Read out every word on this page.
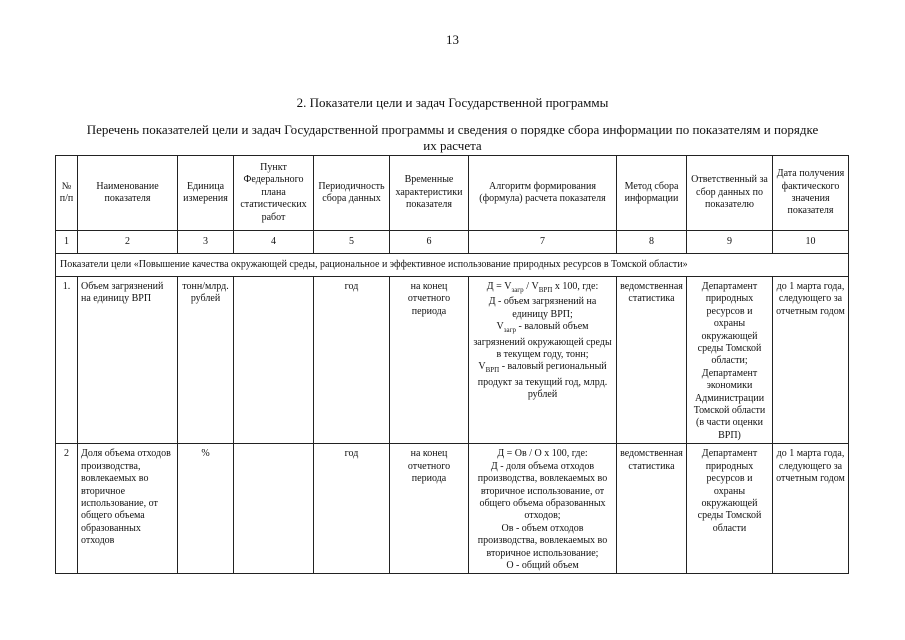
13
2. Показатели цели и задач Государственной программы
Перечень показателей цели и задач Государственной программы и сведения о порядке сбора информации по показателям и порядке их расчета
№ п/п	Наименование показателя	Единица измерения	Пункт Федерального плана статистических работ	Периодичность сбора данных	Временные характеристики показателя	Алгоритм формирования (формула) расчета показателя	Метод сбора информации	Ответственный за сбор данных по показателю	Дата получения фактического значения показателя
1	2	3	4	5	6	7	8	9	10
Показатели цели «Повышение качества окружающей среды, рациональное и эффективное использование природных ресурсов в Томской области»									
1.	Объем загрязнений на единицу ВРП	тонн/млрд. рублей		год	на конец отчетного периода	$Д = V_{загр} / V_{ВРП}$ x 100, где:
Д - объем загрязнений на единицу ВРП;
$V_{загр}$ - валовый объем загрязнений окружающей среды в текущем году, тонн;
$V_{ВРП}$ - валовый региональный продукт за текущий год, млрд. рублей	ведомственная статистика	Департамент природных ресурсов и охраны окружающей среды Томской области; Департамент экономики Администрации Томской области (в части оценки ВРП)	до 1 марта года, следующего за отчетным годом
2	Доля объема отходов производства, вовлекаемых во вторичное использование, от общего объема образованных отходов	%		год	на конец отчетного периода	Д = Ов / О х 100, где:
Д - доля объема отходов производства, вовлекаемых во вторичное использование, от общего объема образованных отходов;
Ов - объем отходов производства, вовлекаемых во вторичное использование;
О - общий объем	ведомственная статистика	Департамент природных ресурсов и охраны окружающей среды Томской области	до 1 марта года, следующего за отчетным годом
